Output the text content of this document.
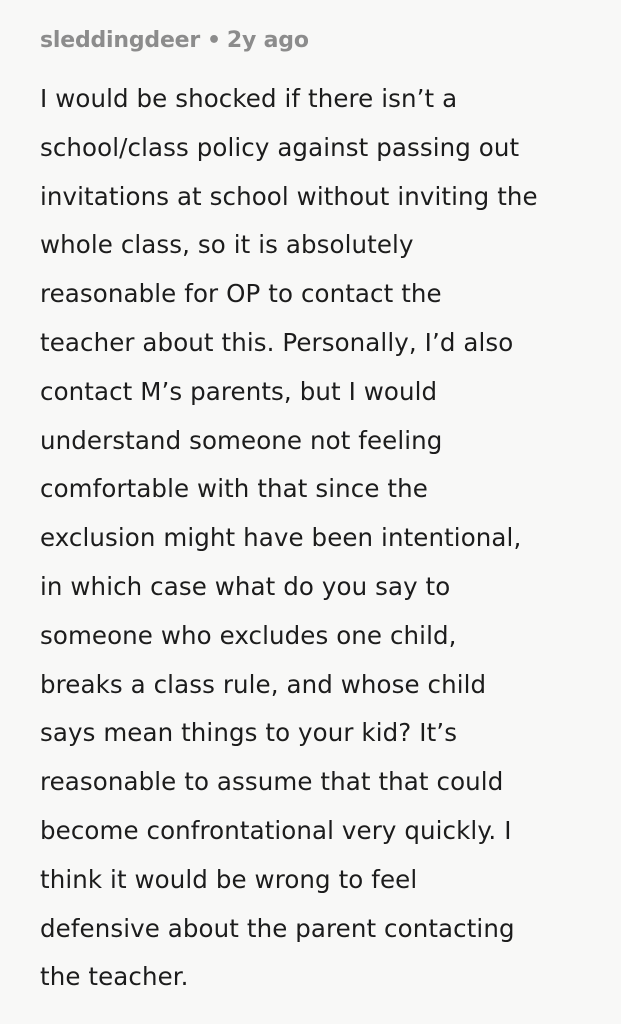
sleddingdeer • 2y ago
I would be shocked if there isn’t a
school/class policy against passing out
invitations at school without inviting the
whole class, so it is absolutely
reasonable for OP to contact the
teacher about this. Personally, I’d also
contact M’s parents, but I would
understand someone not feeling
comfortable with that since the
exclusion might have been intentional,
in which case what do you say to
someone who excludes one child,
breaks a class rule, and whose child
says mean things to your kid? It’s
reasonable to assume that that could
become confrontational very quickly. I
think it would be wrong to feel
defensive about the parent contacting
the teacher.
